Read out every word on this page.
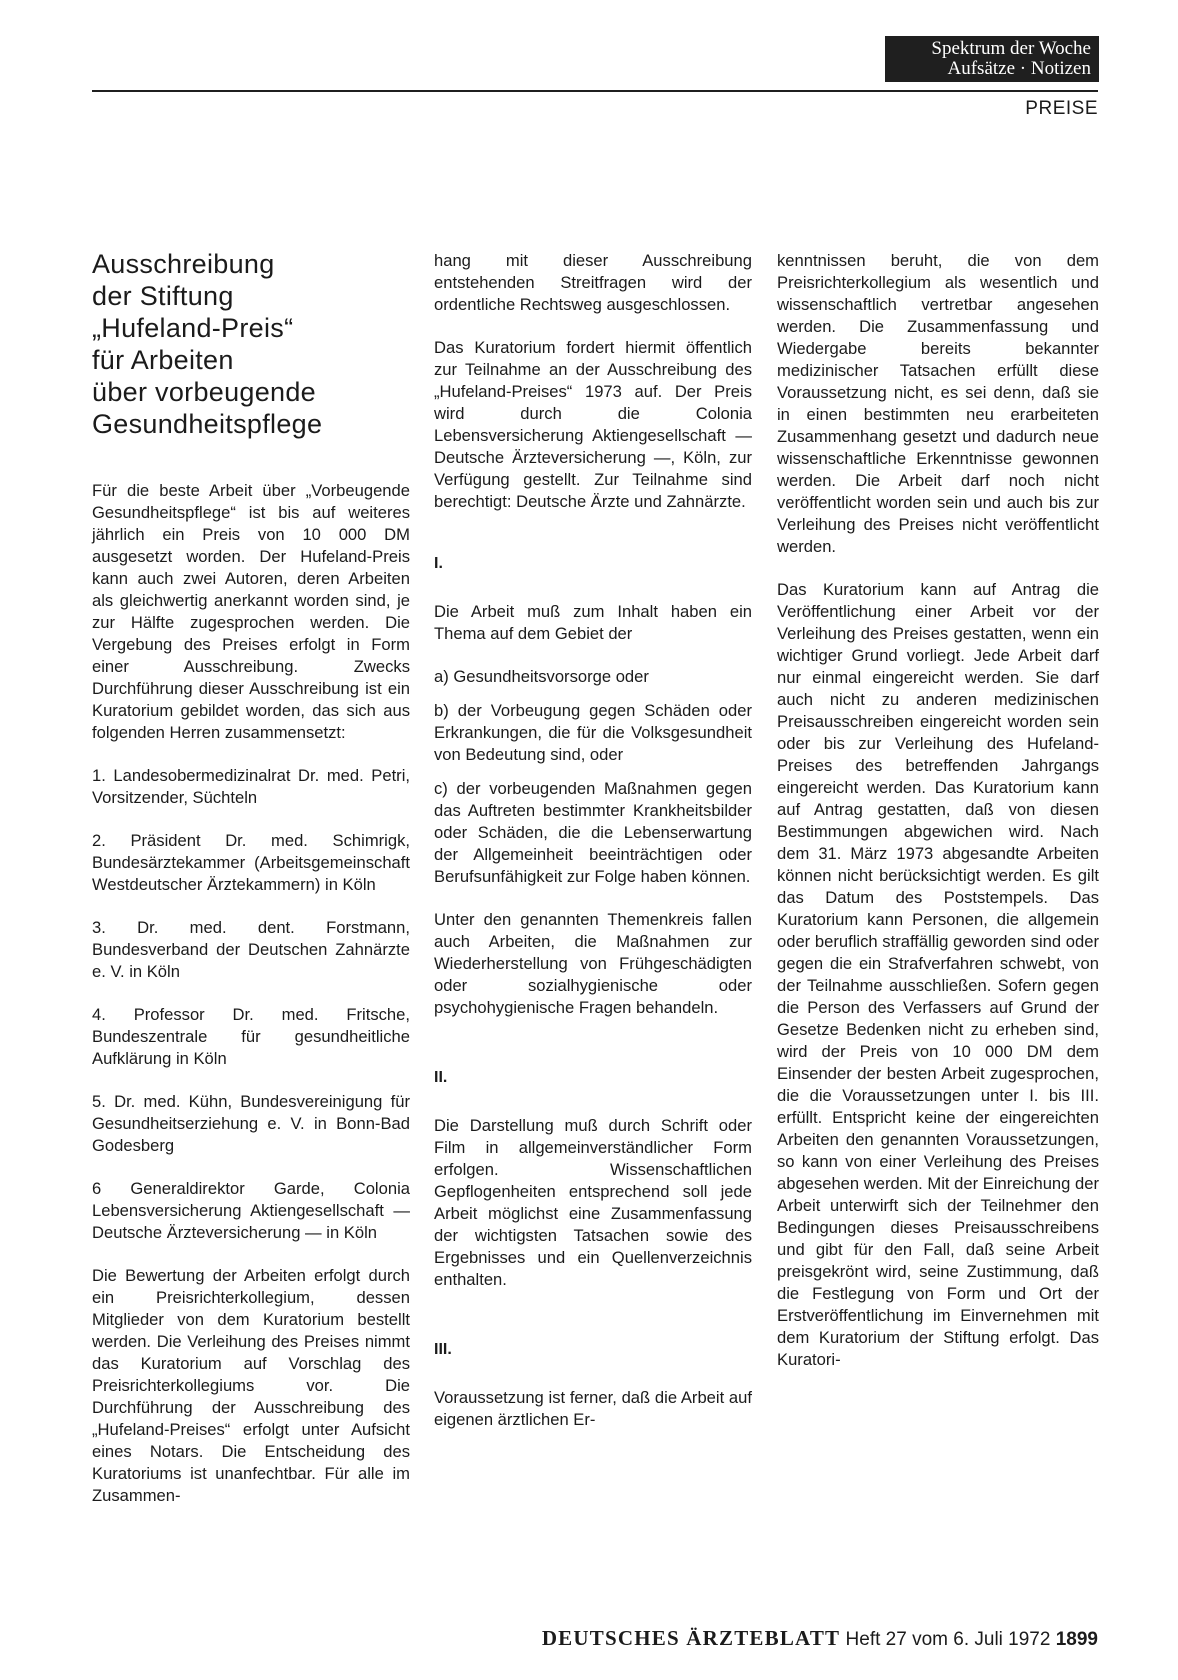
Spektrum der Woche
Aufsätze · Notizen
PREISE
Ausschreibung
der Stiftung
„Hufeland-Preis“
für Arbeiten
über vorbeugende
Gesundheitspflege

Für die beste Arbeit über „Vorbeugende Gesundheitspflege“ ist bis auf weiteres jährlich ein Preis von 10 000 DM ausgesetzt worden. Der Hufeland-Preis kann auch zwei Autoren, deren Arbeiten als gleichwertig anerkannt worden sind, je zur Hälfte zugesprochen werden. Die Vergebung des Preises erfolgt in Form einer Ausschreibung. Zwecks Durchführung dieser Ausschreibung ist ein Kuratorium gebildet worden, das sich aus folgenden Herren zusammensetzt:

1. Landesobermedizinalrat Dr. med. Petri, Vorsitzender, Süchteln

2. Präsident Dr. med. Schimrigk, Bundesärztekammer (Arbeitsgemeinschaft Westdeutscher Ärztekammern) in Köln

3. Dr. med. dent. Forstmann, Bundesverband der Deutschen Zahnärzte e. V. in Köln

4. Professor Dr. med. Fritsche, Bundeszentrale für gesundheitliche Aufklärung in Köln

5. Dr. med. Kühn, Bundesvereinigung für Gesundheitserziehung e. V. in Bonn-Bad Godesberg

6 Generaldirektor Garde, Colonia Lebensversicherung Aktiengesellschaft — Deutsche Ärzteversicherung — in Köln

Die Bewertung der Arbeiten erfolgt durch ein Preisrichterkollegium, dessen Mitglieder von dem Kuratorium bestellt werden. Die Verleihung des Preises nimmt das Kuratorium auf Vorschlag des Preisrichterkollegiums vor. Die Durchführung der Ausschreibung des „Hufeland-Preises“ erfolgt unter Aufsicht eines Notars. Die Entscheidung des Kuratoriums ist unanfechtbar. Für alle im Zusammen-

hang mit dieser Ausschreibung entstehenden Streitfragen wird der ordentliche Rechtsweg ausgeschlossen.

Das Kuratorium fordert hiermit öffentlich zur Teilnahme an der Ausschreibung des „Hufeland-Preises“ 1973 auf. Der Preis wird durch die Colonia Lebensversicherung Aktiengesellschaft — Deutsche Ärzteversicherung —, Köln, zur Verfügung gestellt. Zur Teilnahme sind berechtigt: Deutsche Ärzte und Zahnärzte.

I.

Die Arbeit muß zum Inhalt haben ein Thema auf dem Gebiet der

a) Gesundheitsvorsorge oder

b) der Vorbeugung gegen Schäden oder Erkrankungen, die für die Volksgesundheit von Bedeutung sind, oder

c) der vorbeugenden Maßnahmen gegen das Auftreten bestimmter Krankheitsbilder oder Schäden, die die Lebenserwartung der Allgemeinheit beeinträchtigen oder Berufsunfähigkeit zur Folge haben können.

Unter den genannten Themenkreis fallen auch Arbeiten, die Maßnahmen zur Wiederherstellung von Frühgeschädigten oder sozialhygienische oder psychohygienische Fragen behandeln.

II.

Die Darstellung muß durch Schrift oder Film in allgemeinverständlicher Form erfolgen. Wissenschaftlichen Gepflogenheiten entsprechend soll jede Arbeit möglichst eine Zusammenfassung der wichtigsten Tatsachen sowie des Ergebnisses und ein Quellenverzeichnis enthalten.

III.

Voraussetzung ist ferner, daß die Arbeit auf eigenen ärztlichen Er-

kenntnissen beruht, die von dem Preisrichterkollegium als wesentlich und wissenschaftlich vertretbar angesehen werden. Die Zusammenfassung und Wiedergabe bereits bekannter medizinischer Tatsachen erfüllt diese Voraussetzung nicht, es sei denn, daß sie in einen bestimmten neu erarbeiteten Zusammenhang gesetzt und dadurch neue wissenschaftliche Erkenntnisse gewonnen werden. Die Arbeit darf noch nicht veröffentlicht worden sein und auch bis zur Verleihung des Preises nicht veröffentlicht werden.

Das Kuratorium kann auf Antrag die Veröffentlichung einer Arbeit vor der Verleihung des Preises gestatten, wenn ein wichtiger Grund vorliegt. Jede Arbeit darf nur einmal eingereicht werden. Sie darf auch nicht zu anderen medizinischen Preisausschreiben eingereicht worden sein oder bis zur Verleihung des Hufeland-Preises des betreffenden Jahrgangs eingereicht werden. Das Kuratorium kann auf Antrag gestatten, daß von diesen Bestimmungen abgewichen wird. Nach dem 31. März 1973 abgesandte Arbeiten können nicht berücksichtigt werden. Es gilt das Datum des Poststempels. Das Kuratorium kann Personen, die allgemein oder beruflich straffällig geworden sind oder gegen die ein Strafverfahren schwebt, von der Teilnahme ausschließen. Sofern gegen die Person des Verfassers auf Grund der Gesetze Bedenken nicht zu erheben sind, wird der Preis von 10 000 DM dem Einsender der besten Arbeit zugesprochen, die die Voraussetzungen unter I. bis III. erfüllt. Entspricht keine der eingereichten Arbeiten den genannten Voraussetzungen, so kann von einer Verleihung des Preises abgesehen werden. Mit der Einreichung der Arbeit unterwirft sich der Teilnehmer den Bedingungen dieses Preisausschreibens und gibt für den Fall, daß seine Arbeit preisgekrönt wird, seine Zustimmung, daß die Festlegung von Form und Ort der Erstveröffentlichung im Einvernehmen mit dem Kuratorium der Stiftung erfolgt. Das Kuratori-

DEUTSCHES ÄRZTEBLATT Heft 27 vom 6. Juli 1972 1899
